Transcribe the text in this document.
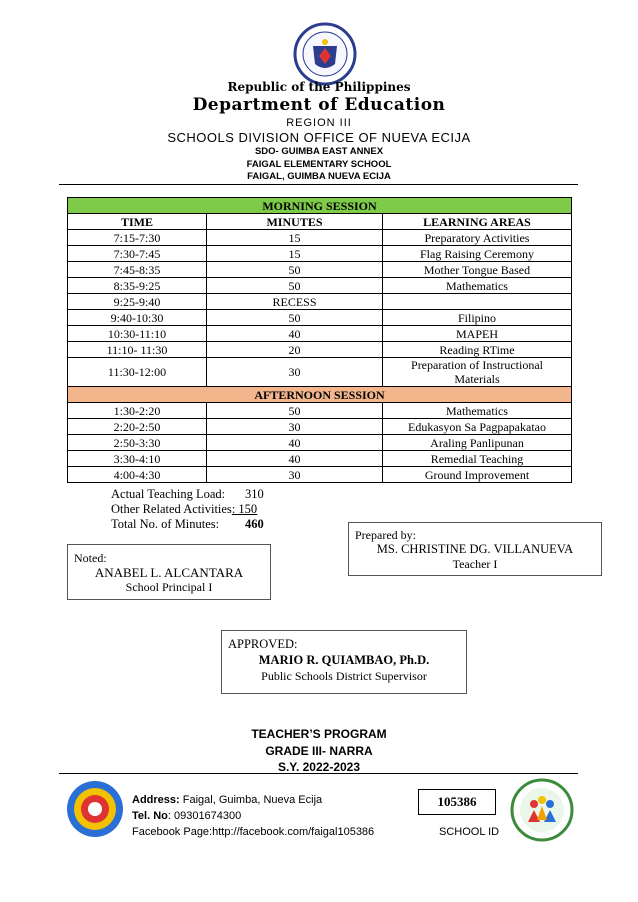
Republic of the Philippines
Department of Education
REGION III
SCHOOLS DIVISION OFFICE OF NUEVA ECIJA
SDO- GUIMBA EAST ANNEX
FAIGAL ELEMENTARY SCHOOL
FAIGAL, GUIMBA NUEVA ECIJA
MORNING SESSION		
TIME	MINUTES	LEARNING AREAS
7:15-7:30	15	Preparatory Activities
7:30-7:45	15	Flag Raising Ceremony
7:45-8:35	50	Mother Tongue Based
8:35-9:25	50	Mathematics
9:25-9:40	RECESS	
9:40-10:30	50	Filipino
10:30-11:10	40	MAPEH
11:10- 11:30	20	Reading RTime
11:30-12:00	30	Preparation of Instructional Materials
AFTERNOON SESSION		
1:30-2:20	50	Mathematics
2:20-2:50	30	Edukasyon Sa Pagpapakatao
2:50-3:30	40	Araling Panlipunan
3:30-4:10	40	Remedial Teaching
4:00-4:30	30	Ground Improvement
Actual Teaching Load: 310
Other Related Activities: 150
Total No. of Minutes: 460
Noted:
ANABEL L. ALCANTARA
School Principal I
Prepared by:
MS. CHRISTINE DG. VILLANUEVA
Teacher I
APPROVED:
MARIO R. QUIAMBAO, Ph.D.
Public Schools District Supervisor
TEACHER’S PROGRAM
GRADE III- NARRA
S.Y. 2022-2023
Address: Faigal, Guimba, Nueva Ecija
Tel. No: 09301674300
Facebook Page:http://facebook.com/faigal105386
105386
SCHOOL ID
